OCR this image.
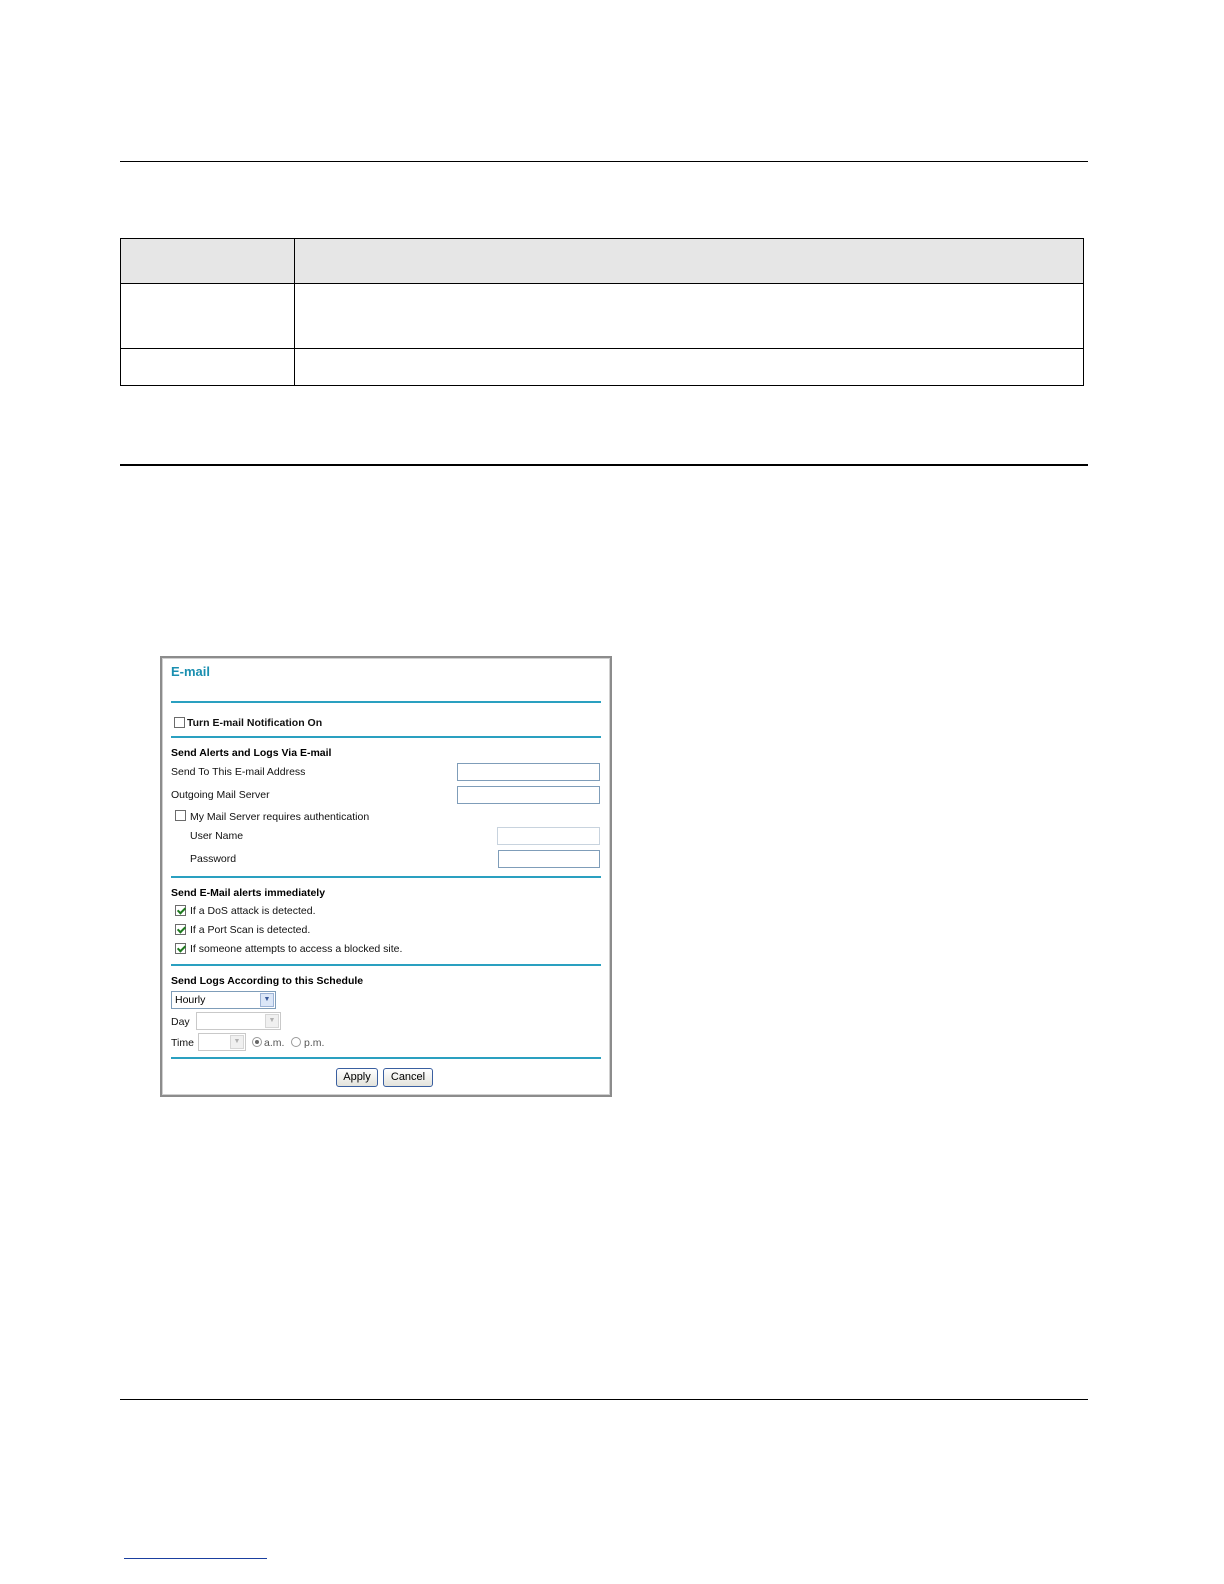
E-mail
Turn E-mail Notification On
Send Alerts and Logs Via E-mail
Send To This E-mail Address
Outgoing Mail Server
My Mail Server requires authentication
User Name
Password
Send E-Mail alerts immediately
If a DoS attack is detected.
If a Port Scan is detected.
If someone attempts to access a blocked site.
Send Logs According to this Schedule
Hourly	▼
Day	▼
Time	▼	a.m. p.m.
Apply	Cancel
